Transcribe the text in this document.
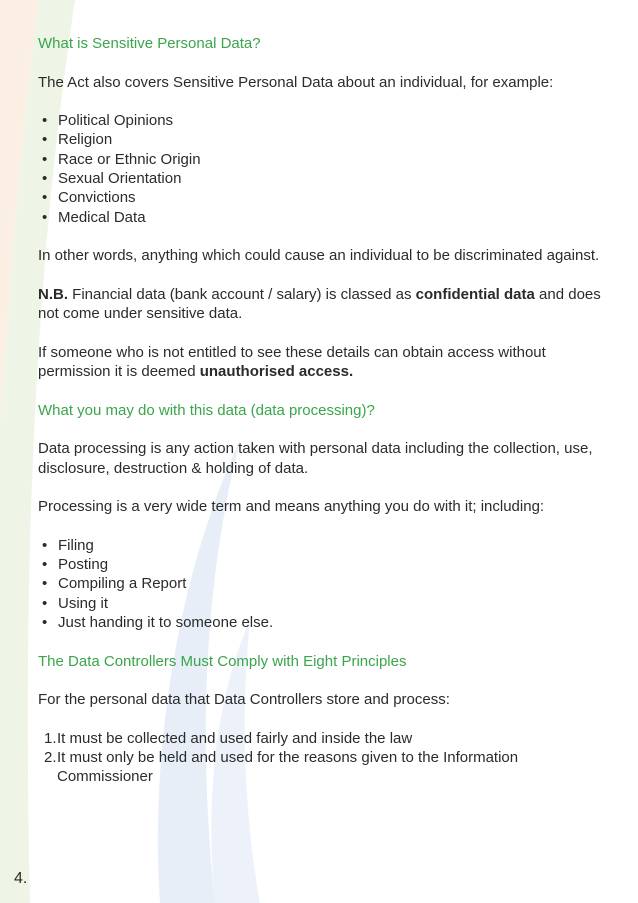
What is Sensitive Personal Data?

The Act also covers Sensitive Personal Data about an individual, for example:

• Political Opinions
• Religion
• Race or Ethnic Origin
• Sexual Orientation
• Convictions
• Medical Data

In other words, anything which could cause an individual to be discriminated against.

N.B. Financial data (bank account / salary) is classed as confidential data and does not come under sensitive data.

If someone who is not entitled to see these details can obtain access without permission it is deemed unauthorised access.

What you may do with this data (data processing)?

Data processing is any action taken with personal data including the collection, use, disclosure, destruction & holding of data.

Processing is a very wide term and means anything you do with it; including:

• Filing
• Posting
• Compiling a Report
• Using it
• Just handing it to someone else.
The Data Controllers Must Comply with Eight Principles

For the personal data that Data Controllers store and process:

1. It must be collected and used fairly and inside the law
2. It must only be held and used for the reasons given to the Information Commissioner
4.
